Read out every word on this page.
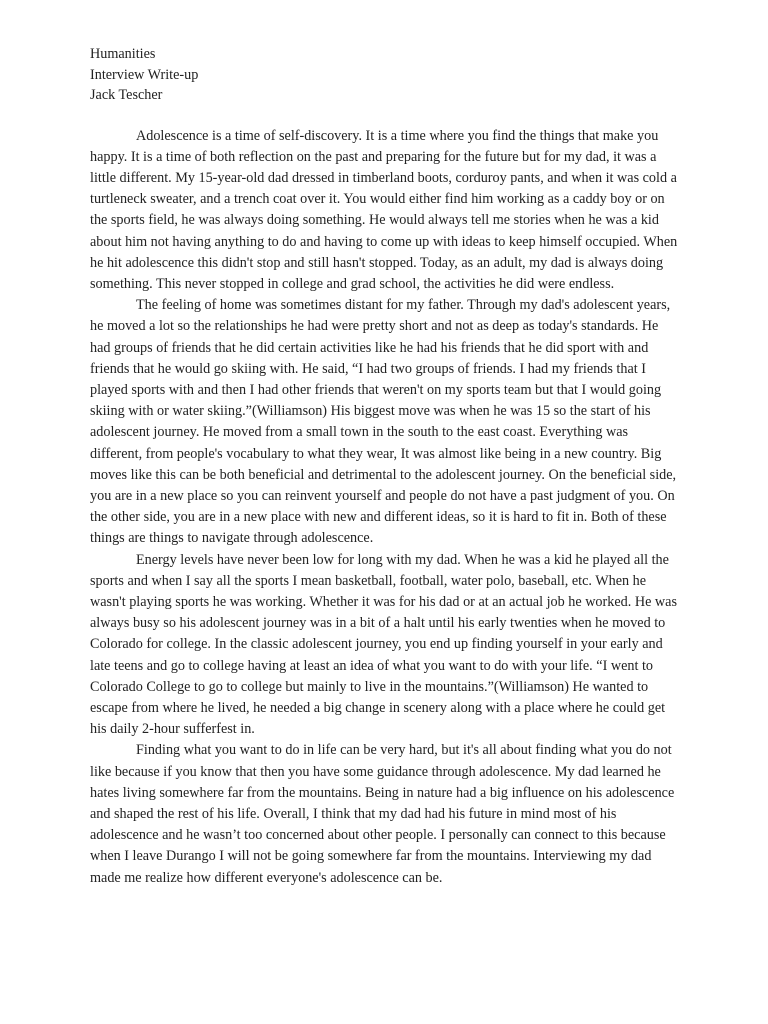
Humanities
Interview Write-up
Jack Tescher

Adolescence is a time of self-discovery. It is a time where you find the things that make you happy. It is a time of both reflection on the past and preparing for the future but for my dad, it was a little different. My 15-year-old dad dressed in timberland boots, corduroy pants, and when it was cold a turtleneck sweater, and a trench coat over it. You would either find him working as a caddy boy or on the sports field, he was always doing something. He would always tell me stories when he was a kid about him not having anything to do and having to come up with ideas to keep himself occupied. When he hit adolescence this didn't stop and still hasn't stopped. Today, as an adult, my dad is always doing something. This never stopped in college and grad school, the activities he did were endless.

The feeling of home was sometimes distant for my father. Through my dad's adolescent years, he moved a lot so the relationships he had were pretty short and not as deep as today's standards. He had groups of friends that he did certain activities like he had his friends that he did sport with and friends that he would go skiing with. He said, “I had two groups of friends. I had my friends that I played sports with and then I had other friends that weren't on my sports team but that I would going skiing with or water skiing.”(Williamson) His biggest move was when he was 15 so the start of his adolescent journey. He moved from a small town in the south to the east coast. Everything was different, from people's vocabulary to what they wear, It was almost like being in a new country. Big moves like this can be both beneficial and detrimental to the adolescent journey. On the beneficial side, you are in a new place so you can reinvent yourself and people do not have a past judgment of you. On the other side, you are in a new place with new and different ideas, so it is hard to fit in. Both of these things are things to navigate through adolescence.

Energy levels have never been low for long with my dad. When he was a kid he played all the sports and when I say all the sports I mean basketball, football, water polo, baseball, etc. When he wasn't playing sports he was working. Whether it was for his dad or at an actual job he worked. He was always busy so his adolescent journey was in a bit of a halt until his early twenties when he moved to Colorado for college. In the classic adolescent journey, you end up finding yourself in your early and late teens and go to college having at least an idea of what you want to do with your life. “I went to Colorado College to go to college but mainly to live in the mountains.”(Williamson) He wanted to escape from where he lived, he needed a big change in scenery along with a place where he could get his daily 2-hour sufferfest in.

Finding what you want to do in life can be very hard, but it's all about finding what you do not like because if you know that then you have some guidance through adolescence. My dad learned he hates living somewhere far from the mountains. Being in nature had a big influence on his adolescence and shaped the rest of his life. Overall, I think that my dad had his future in mind most of his adolescence and he wasn’t too concerned about other people. I personally can connect to this because when I leave Durango I will not be going somewhere far from the mountains. Interviewing my dad made me realize how different everyone's adolescence can be.
